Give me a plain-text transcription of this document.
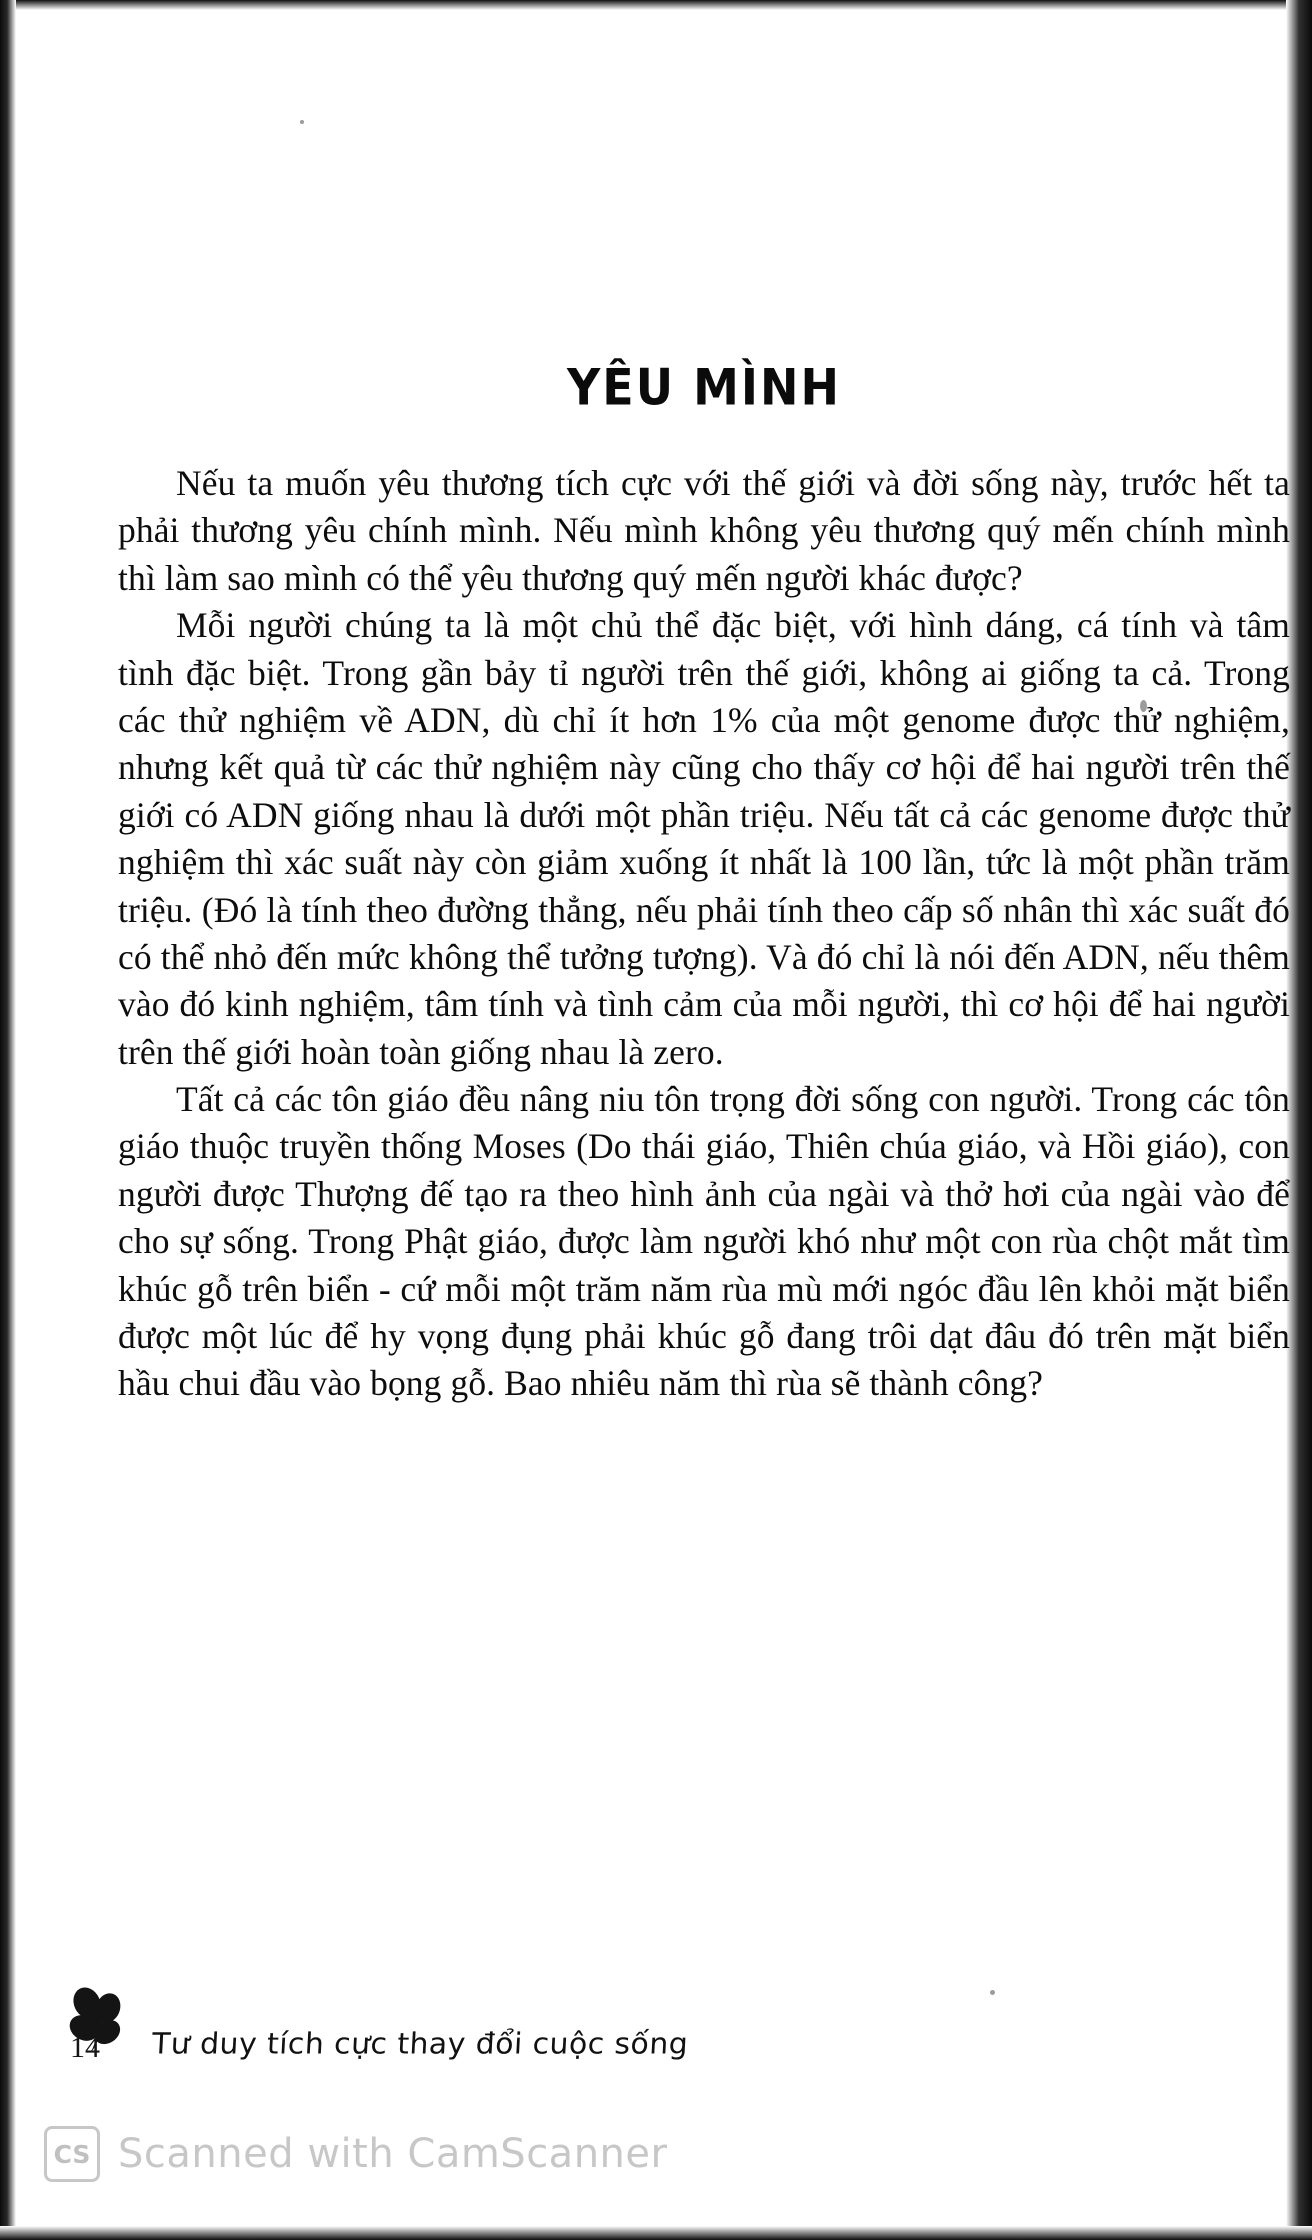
YÊU MÌNH

Nếu ta muốn yêu thương tích cực với thế giới và đời sống này, trước hết ta phải thương yêu chính mình. Nếu mình không yêu thương quý mến chính mình thì làm sao mình có thể yêu thương quý mến người khác được?

Mỗi người chúng ta là một chủ thể đặc biệt, với hình dáng, cá tính và tâm tình đặc biệt. Trong gần bảy tỉ người trên thế giới, không ai giống ta cả. Trong các thử nghiệm về ADN, dù chỉ ít hơn 1% của một genome được thử nghiệm, nhưng kết quả từ các thử nghiệm này cũng cho thấy cơ hội để hai người trên thế giới có ADN giống nhau là dưới một phần triệu. Nếu tất cả các genome được thử nghiệm thì xác suất này còn giảm xuống ít nhất là 100 lần, tức là một phần trăm triệu. (Đó là tính theo đường thẳng, nếu phải tính theo cấp số nhân thì xác suất đó có thể nhỏ đến mức không thể tưởng tượng). Và đó chỉ là nói đến ADN, nếu thêm vào đó kinh nghiệm, tâm tính và tình cảm của mỗi người, thì cơ hội để hai người trên thế giới hoàn toàn giống nhau là zero.

Tất cả các tôn giáo đều nâng niu tôn trọng đời sống con người. Trong các tôn giáo thuộc truyền thống Moses (Do thái giáo, Thiên chúa giáo, và Hồi giáo), con người được Thượng đế tạo ra theo hình ảnh của ngài và thở hơi của ngài vào để cho sự sống. Trong Phật giáo, được làm người khó như một con rùa chột mắt tìm khúc gỗ trên biển - cứ mỗi một trăm năm rùa mù mới ngóc đầu lên khỏi mặt biển được một lúc để hy vọng đụng phải khúc gỗ đang trôi dạt đâu đó trên mặt biển hầu chui đầu vào bọng gỗ. Bao nhiêu năm thì rùa sẽ thành công?

14 Tư duy tích cực thay đổi cuộc sống
CS Scanned with CamScanner
